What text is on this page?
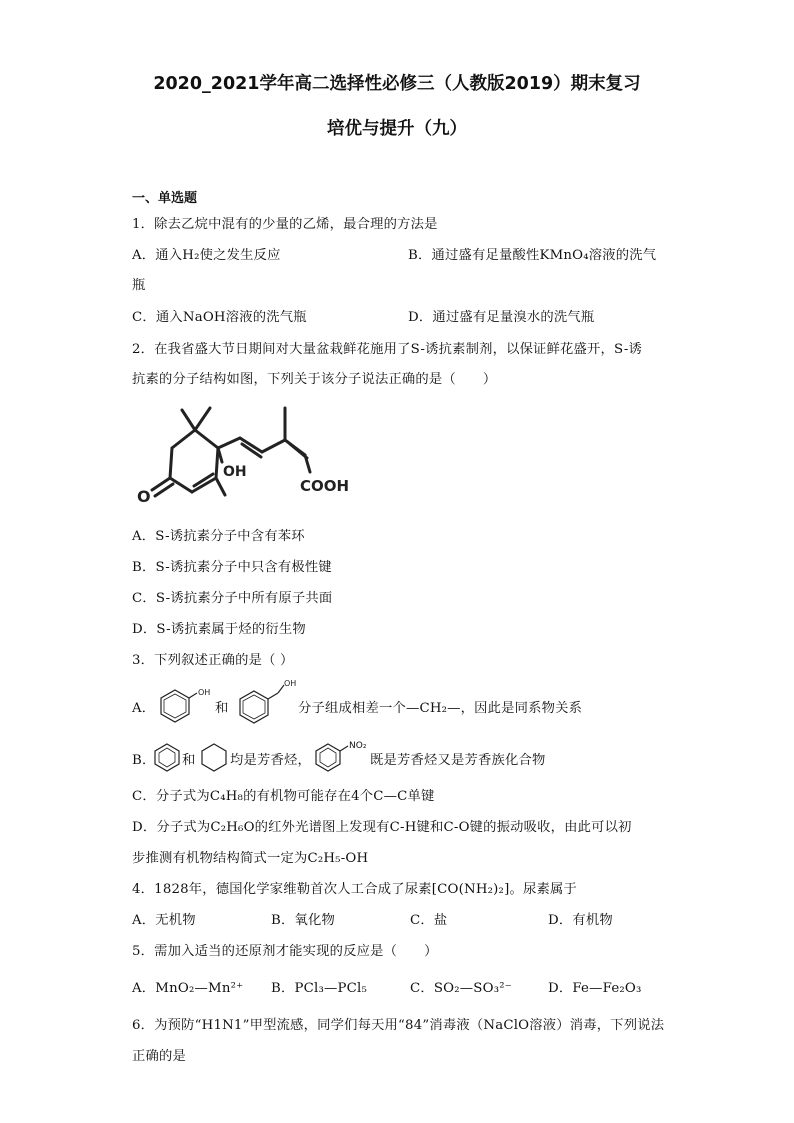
2020_2021学年高二选择性必修三（人教版2019）期末复习
培优与提升（九）
一、单选题
1．除去乙烷中混有的少量的乙烯，最合理的方法是
A．通入H₂使之发生反应	B．通过盛有足量酸性KMnO₄溶液的洗气
瓶
C．通入NaOH溶液的洗气瓶	D．通过盛有足量溴水的洗气瓶
2．在我省盛大节日期间对大量盆栽鲜花施用了S-诱抗素制剂，以保证鲜花盛开，S-诱
抗素的分子结构如图，下列关于该分子说法正确的是（　　）
OH
COOH
O
A．S-诱抗素分子中含有苯环
B．S-诱抗素分子中只含有极性键
C．S-诱抗素分子中所有原子共面
D．S-诱抗素属于烃的衍生物
3．下列叙述正确的是（ ）
A．
OH
和
OH
分子组成相差一个—CH₂—，因此是同系物关系
B． 和	均是芳香烃，
NO₂
既是芳香烃又是芳香族化合物
C．分子式为C₄H₈的有机物可能存在4个C—C单键
D．分子式为C₂H₆O的红外光谱图上发现有C-H键和C-O键的振动吸收，由此可以初
步推测有机物结构简式一定为C₂H₅-OH
4．1828年，德国化学家维勒首次人工合成了尿素[CO(NH₂)₂]。尿素属于
A．无机物	B．氧化物	C．盐	D．有机物
5．需加入适当的还原剂才能实现的反应是（　　）
A．MnO₂—Mn²⁺ B．PCl₃—PCl₅	C．SO₂—SO₃²⁻	D．Fe—Fe₂O₃
6．为预防“H1N1”甲型流感，同学们每天用“84”消毒液（NaClO溶液）消毒，下列说法
正确的是
